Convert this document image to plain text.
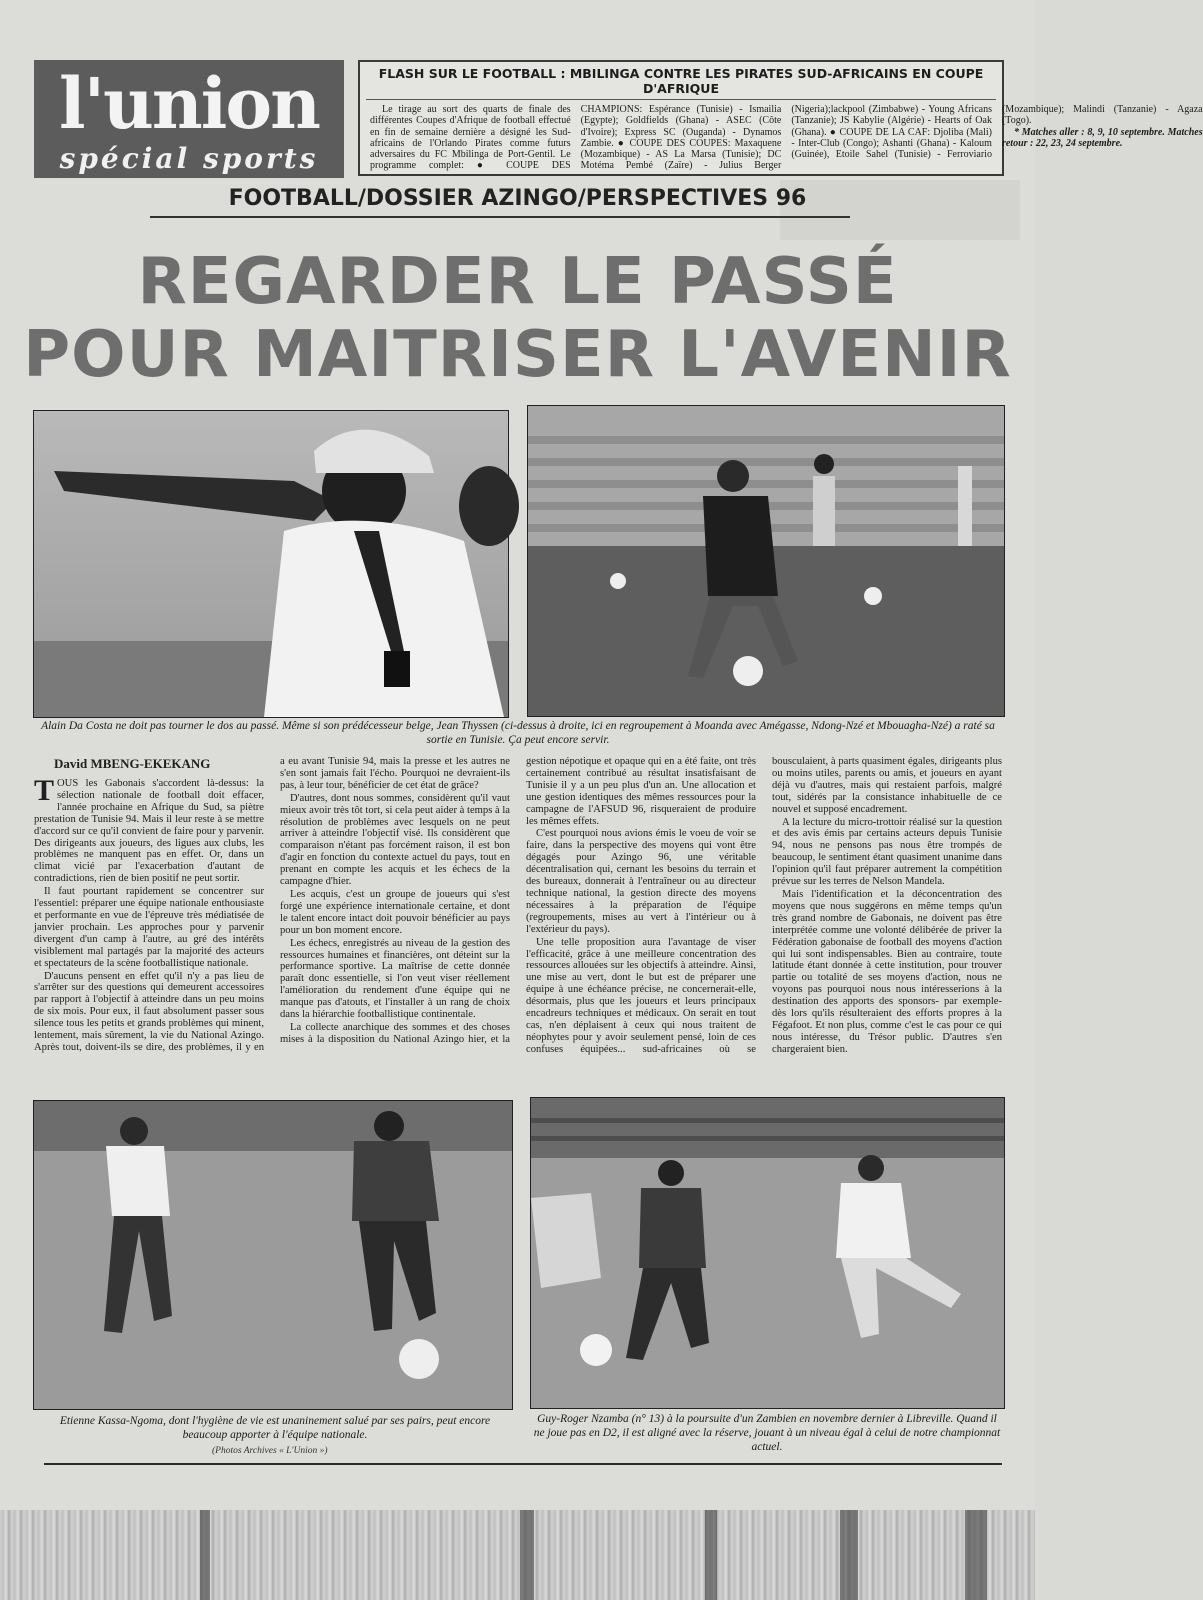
l'union
spécial sports
FLASH SUR LE FOOTBALL : MBILINGA CONTRE LES PIRATES SUD-AFRICAINS EN COUPE D'AFRIQUE

Le tirage au sort des quarts de finale des différentes Coupes d'Afrique de football effectué en fin de semaine dernière a désigné les Sud-africains de l'Orlando Pirates comme futurs adversaires du FC Mbilinga de Port-Gentil. Le programme complet: ● COUPE DES CHAMPIONS: Espérance (Tunisie) - Ismailia (Egypte); Goldfields (Ghana) - ASEC (Côte d'Ivoire); Express SC (Ouganda) - Dynamos Zambie. ● COUPE DES COUPES: Maxaquene (Mozambique) - AS La Marsa (Tunisie); DC Motéma Pembé (Zaïre) - Julius Berger (Nigeria);lackpool (Zimbabwe) - Young Africans (Tanzanie); JS Kabylie (Algérie) - Hearts of Oak (Ghana). ● COUPE DE LA CAF: Djoliba (Mali) - Inter-Club (Congo); Ashanti (Ghana) - Kaloum (Guinée), Etoile Sahel (Tunisie) - Ferroviario (Mozambique); Malindi (Tanzanie) - Agaza (Togo).

* Matches aller : 8, 9, 10 septembre. Matches retour : 22, 23, 24 septembre.

FOOTBALL/DOSSIER AZINGO/PERSPECTIVES 96
REGARDER LE PASSÉ
POUR MAITRISER L'AVENIR
Alain Da Costa ne doit pas tourner le dos au passé. Même si son prédécesseur belge, Jean Thyssen (ci-dessus à droite, ici en regroupement à Moanda avec Amégasse, Ndong-Nzé et Mbouagha-Nzé) a raté sa sortie en Tunisie. Ça peut encore servir.

David MBENG-EKEKANG

TOUS les Gabonais s'accordent là-dessus: la sélection nationale de football doit effacer, l'année prochaine en Afrique du Sud, sa piètre prestation de Tunisie 94. Mais il leur reste à se mettre d'accord sur ce qu'il convient de faire pour y parvenir. Des dirigeants aux joueurs, des ligues aux clubs, les problèmes ne manquent pas en effet. Or, dans un climat vicié par l'exacerbation d'autant de contradictions, rien de bien positif ne peut sortir.

Il faut pourtant rapidement se concentrer sur l'essentiel: préparer une équipe nationale enthousiaste et performante en vue de l'épreuve très médiatisée de janvier prochain. Les approches pour y parvenir divergent d'un camp à l'autre, au gré des intérêts visiblement mal partagés par la majorité des acteurs et spectateurs de la scène footballistique nationale.

D'aucuns pensent en effet qu'il n'y a pas lieu de s'arrêter sur des questions qui demeurent accessoires par rapport à l'objectif à atteindre dans un peu moins de six mois. Pour eux, il faut absolument passer sous silence tous les petits et grands problèmes qui minent, lentement, mais sûrement, la vie du National Azingo. Après tout, doivent-ils se dire, des problèmes, il y en a eu avant Tunisie 94, mais la presse et les autres ne s'en sont jamais fait l'écho. Pourquoi ne devraient-ils pas, à leur tour, bénéficier de cet état de grâce?

D'autres, dont nous sommes, considèrent qu'il vaut mieux avoir très tôt tort, si cela peut aider à temps à la résolution de problèmes avec lesquels on ne peut arriver à atteindre l'objectif visé. Ils considèrent que comparaison n'étant pas forcément raison, il est bon d'agir en fonction du contexte actuel du pays, tout en prenant en compte les acquis et les échecs de la campagne d'hier.

Les acquis, c'est un groupe de joueurs qui s'est forgé une expérience internationale certaine, et dont le talent encore intact doit pouvoir bénéficier au pays pour un bon moment encore.

Les échecs, enregistrés au niveau de la gestion des ressources humaines et financières, ont déteint sur la performance sportive. La maîtrise de cette donnée paraît donc essentielle, si l'on veut viser réellement l'amélioration du rendement d'une équipe qui ne manque pas d'atouts, et l'installer à un rang de choix dans la hiérarchie footballistique continentale.

La collecte anarchique des sommes et des choses mises à la disposition du National Azingo hier, et la gestion népotique et opaque qui en a été faite, ont très certainement contribué au résultat insatisfaisant de Tunisie il y a un peu plus d'un an. Une allocation et une gestion identiques des mêmes ressources pour la campagne de l'AFSUD 96, risqueraient de produire les mêmes effets.

C'est pourquoi nous avions émis le voeu de voir se faire, dans la perspective des moyens qui vont être dégagés pour Azingo 96, une véritable décentralisation qui, cernant les besoins du terrain et des bureaux, donnerait à l'entraîneur ou au directeur technique national, la gestion directe des moyens nécessaires à la préparation de l'équipe (regroupements, mises au vert à l'intérieur ou à l'extérieur du pays).

Une telle proposition aura l'avantage de viser l'efficacité, grâce à une meilleure concentration des ressources allouées sur les objectifs à atteindre. Ainsi, une mise au vert, dont le but est de préparer une équipe à une échéance précise, ne concernerait-elle, désormais, plus que les joueurs et leurs principaux encadreurs techniques et médicaux. On serait en tout cas, n'en déplaisent à ceux qui nous traitent de néophytes pour y avoir seulement pensé, loin de ces confuses équipées... sud-africaines où se bousculaient, à parts quasiment égales, dirigeants plus ou moins utiles, parents ou amis, et joueurs en ayant déjà vu d'autres, mais qui restaient parfois, malgré tout, sidérés par la consistance inhabituelle de ce nouvel et supposé encadrement.

A la lecture du micro-trottoir réalisé sur la question et des avis émis par certains acteurs depuis Tunisie 94, nous ne pensons pas nous être trompés de beaucoup, le sentiment étant quasiment unanime dans l'opinion qu'il faut préparer autrement la compétition prévue sur les terres de Nelson Mandela.

Mais l'identification et la déconcentration des moyens que nous suggérons en même temps qu'un très grand nombre de Gabonais, ne doivent pas être interprétée comme une volonté délibérée de priver la Fédération gabonaise de football des moyens d'action qui lui sont indispensables. Bien au contraire, toute latitude étant donnée à cette institution, pour trouver partie ou totalité de ses moyens d'action, nous ne voyons pas pourquoi nous nous intéresserions à la destination des apports des sponsors- par exemple- dès lors qu'ils résulteraient des efforts propres à la Fégafoot. Et non plus, comme c'est le cas pour ce qui nous intéresse, du Trésor public. D'autres s'en chargeraient bien.

Etienne Kassa-Ngoma, dont l'hygiène de vie est unaninement salué par ses pairs, peut encore beaucoup apporter à l'équipe nationale.
(Photos Archives « L'Union »)
Guy-Roger Nzamba (n° 13) à la poursuite d'un Zambien en novembre dernier à Libreville. Quand il ne joue pas en D2, il est aligné avec la réserve, jouant à un niveau égal à celui de notre championnat actuel.
